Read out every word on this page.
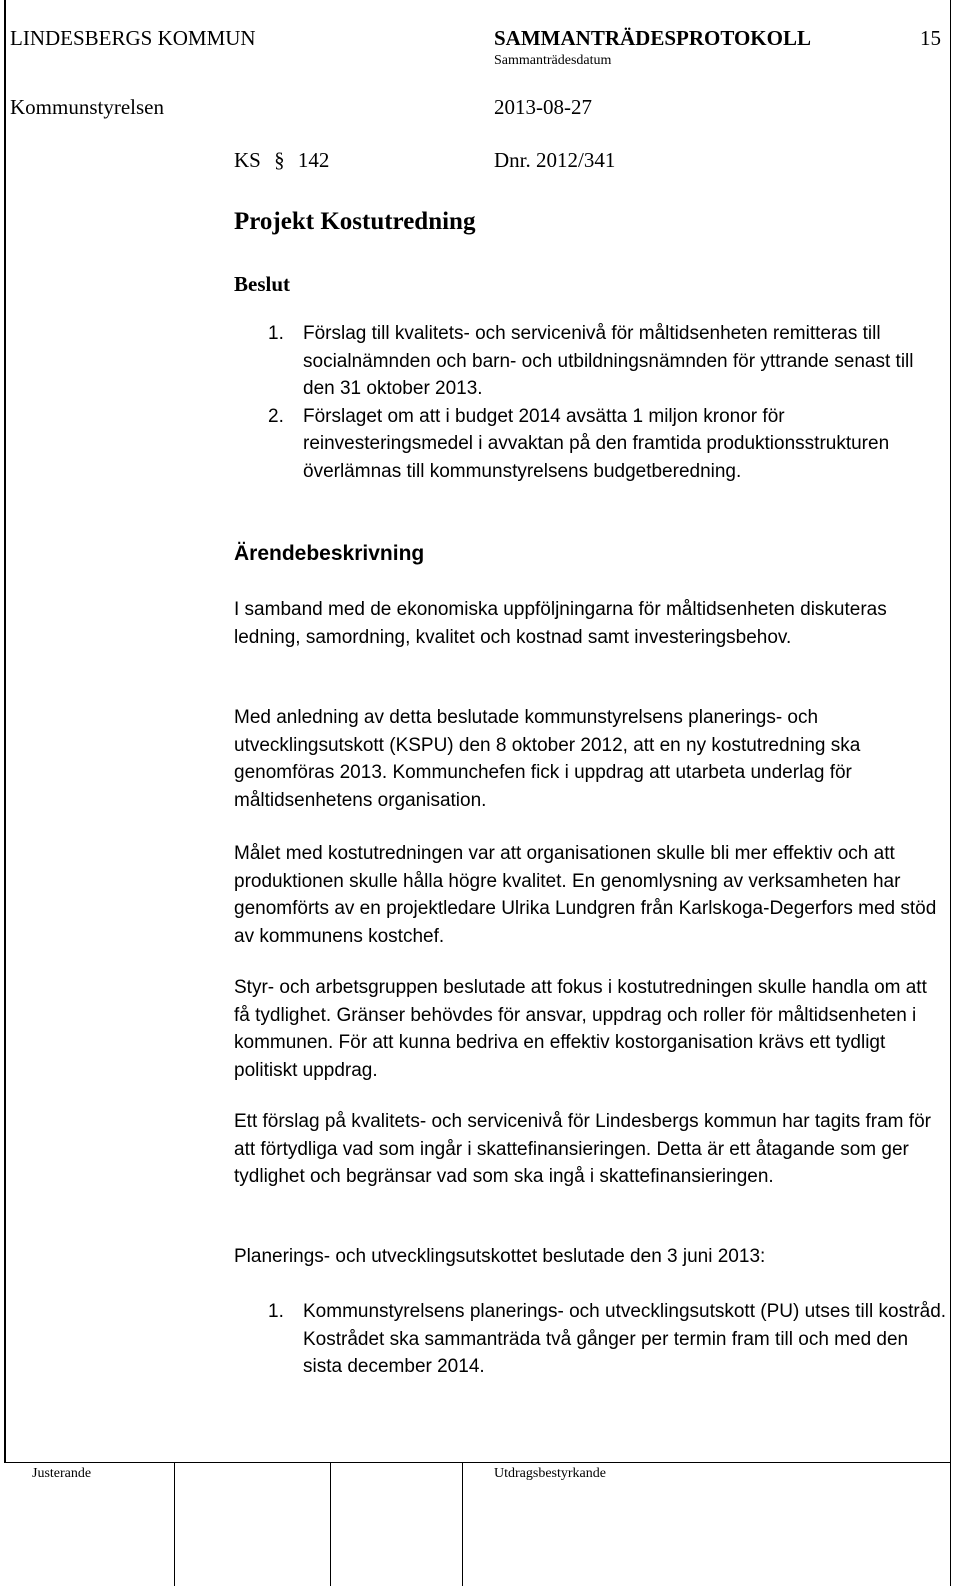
LINDESBERGS KOMMUN	SAMMANTRÄDESPROTOKOLL	15
Sammanträdesdatum
Kommunstyrelsen	2013-08-27
KS § 142	Dnr. 2012/341
Projekt Kostutredning
Beslut
1. Förslag till kvalitets- och servicenivå för måltidsenheten remitteras till socialnämnden och barn- och utbildningsnämnden för yttrande senast till den 31 oktober 2013.
2. Förslaget om att i budget 2014 avsätta 1 miljon kronor för reinvesteringsmedel i avvaktan på den framtida produktionsstrukturen överlämnas till kommunstyrelsens budgetberedning.
Ärendebeskrivning

I samband med de ekonomiska uppföljningarna för måltidsenheten diskuteras ledning, samordning, kvalitet och kostnad samt investeringsbehov.

Med anledning av detta beslutade kommunstyrelsens planerings- och utvecklingsutskott (KSPU) den 8 oktober 2012, att en ny kostutredning ska genomföras 2013. Kommunchefen fick i uppdrag att utarbeta underlag för måltidsenhetens organisation.

Målet med kostutredningen var att organisationen skulle bli mer effektiv och att produktionen skulle hålla högre kvalitet. En genomlysning av verksamheten har genomförts av en projektledare Ulrika Lundgren från Karlskoga-Degerfors med stöd av kommunens kostchef.

Styr- och arbetsgruppen beslutade att fokus i kostutredningen skulle handla om att få tydlighet. Gränser behövdes för ansvar, uppdrag och roller för måltidsenheten i kommunen. För att kunna bedriva en effektiv kostorganisation krävs ett tydligt politiskt uppdrag.

Ett förslag på kvalitets- och servicenivå för Lindesbergs kommun har tagits fram för att förtydliga vad som ingår i skattefinansieringen. Detta är ett åtagande som ger tydlighet och begränsar vad som ska ingå i skattefinansieringen.

Planerings- och utvecklingsutskottet beslutade den 3 juni 2013:

1. Kommunstyrelsens planerings- och utvecklingsutskott (PU) utses till kostråd. Kostrådet ska sammanträda två gånger per termin fram till och med den sista december 2014.
Justerande	Utdragsbestyrkande
